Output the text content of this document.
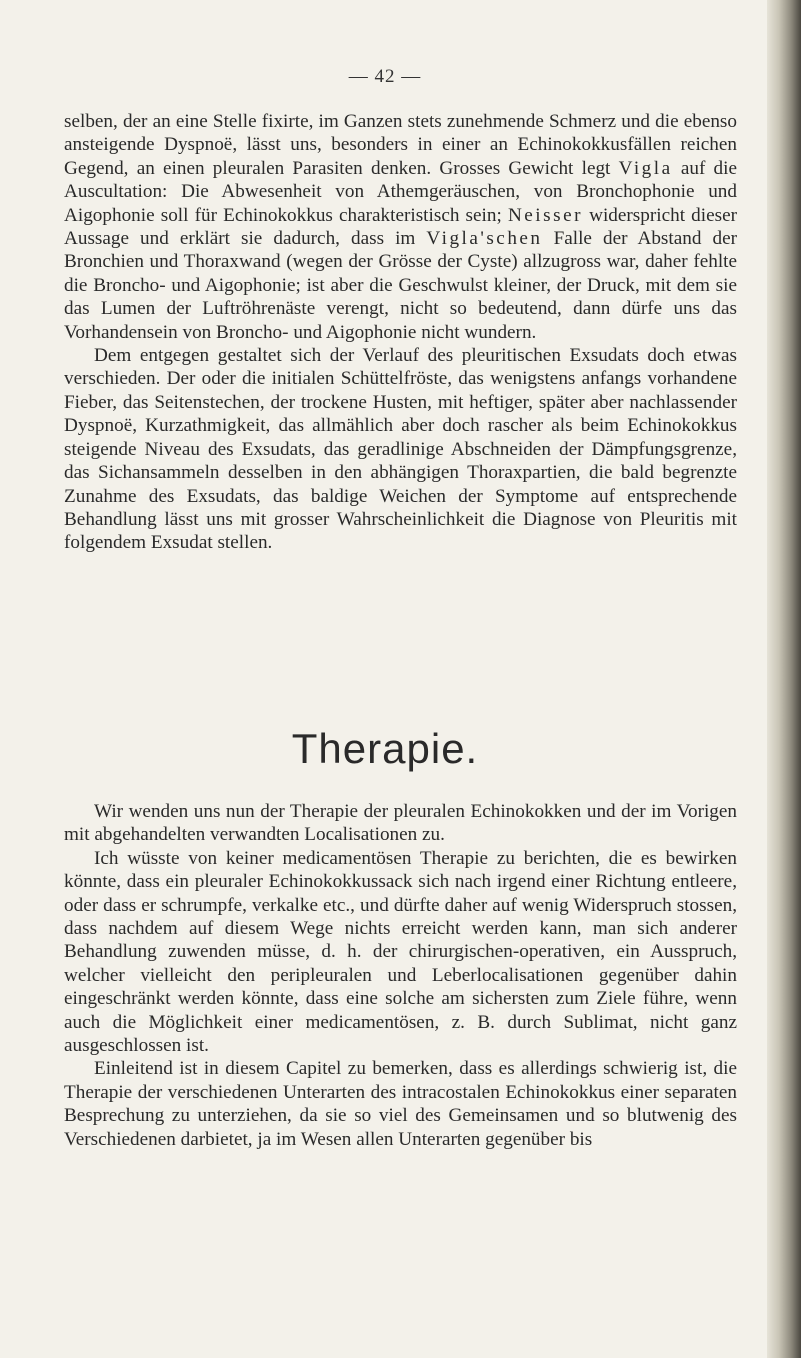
— 42 —

selben, der an eine Stelle fixirte, im Ganzen stets zunehmende Schmerz und die ebenso ansteigende Dyspnoë, lässt uns, besonders in einer an Echinokokkusfällen reichen Gegend, an einen pleuralen Parasiten denken. Grosses Gewicht legt Vigla auf die Auscultation: Die Abwesenheit von Athemgeräuschen, von Bronchophonie und Aigophonie soll für Echinokokkus charakteristisch sein; Neisser widerspricht dieser Aussage und erklärt sie dadurch, dass im Vigla'schen Falle der Abstand der Bronchien und Thoraxwand (wegen der Grösse der Cyste) allzugross war, daher fehlte die Broncho- und Aigophonie; ist aber die Geschwulst kleiner, der Druck, mit dem sie das Lumen der Luftröhrenäste verengt, nicht so bedeutend, dann dürfe uns das Vorhandensein von Broncho- und Aigophonie nicht wundern.

Dem entgegen gestaltet sich der Verlauf des pleuritischen Exsudats doch etwas verschieden. Der oder die initialen Schüttelfröste, das wenigstens anfangs vorhandene Fieber, das Seitenstechen, der trockene Husten, mit heftiger, später aber nachlassender Dyspnoë, Kurzathmigkeit, das allmählich aber doch rascher als beim Echinokokkus steigende Niveau des Exsudats, das geradlinige Abschneiden der Dämpfungsgrenze, das Sichansammeln desselben in den abhängigen Thoraxpartien, die bald begrenzte Zunahme des Exsudats, das baldige Weichen der Symptome auf entsprechende Behandlung lässt uns mit grosser Wahrscheinlichkeit die Diagnose von Pleuritis mit folgendem Exsudat stellen.

Therapie.

Wir wenden uns nun der Therapie der pleuralen Echinokokken und der im Vorigen mit abgehandelten verwandten Localisationen zu.

Ich wüsste von keiner medicamentösen Therapie zu berichten, die es bewirken könnte, dass ein pleuraler Echinokokkussack sich nach irgend einer Richtung entleere, oder dass er schrumpfe, verkalke etc., und dürfte daher auf wenig Widerspruch stossen, dass nachdem auf diesem Wege nichts erreicht werden kann, man sich anderer Behandlung zuwenden müsse, d. h. der chirurgischen-operativen, ein Ausspruch, welcher vielleicht den peripleuralen und Leberlocalisationen gegenüber dahin eingeschränkt werden könnte, dass eine solche am sichersten zum Ziele führe, wenn auch die Möglichkeit einer medicamentösen, z. B. durch Sublimat, nicht ganz ausgeschlossen ist.

Einleitend ist in diesem Capitel zu bemerken, dass es allerdings schwierig ist, die Therapie der verschiedenen Unterarten des intracostalen Echinokokkus einer separaten Besprechung zu unterziehen, da sie so viel des Gemeinsamen und so blutwenig des Verschiedenen darbietet, ja im Wesen allen Unterarten gegenüber bis
